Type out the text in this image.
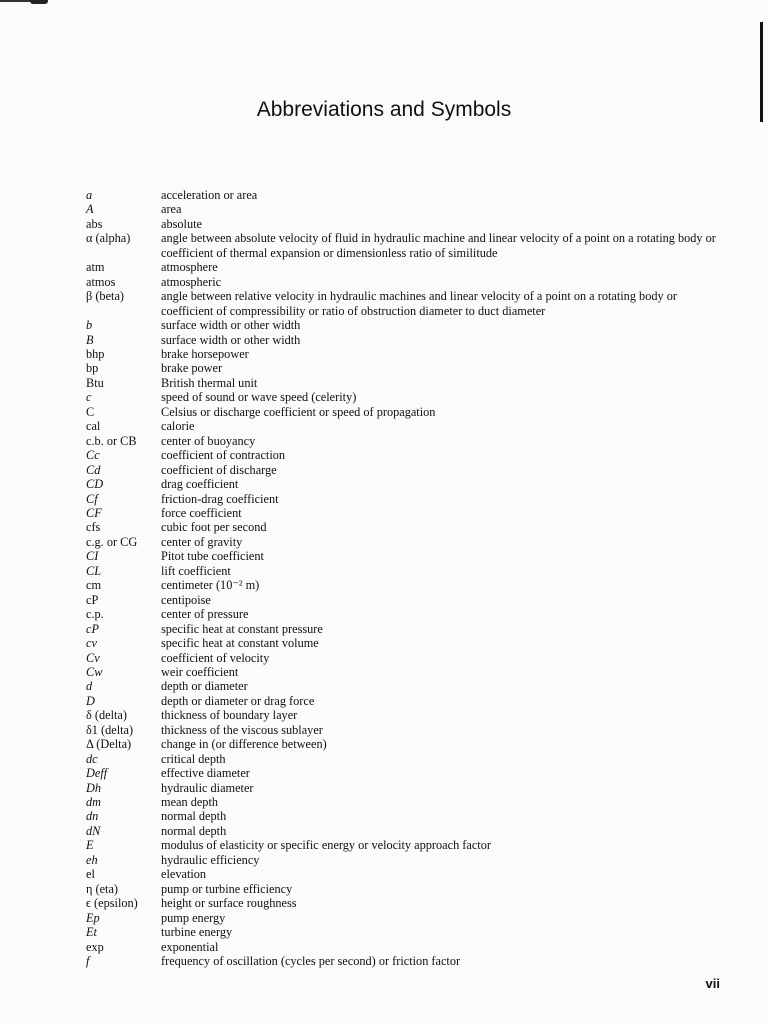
Abbreviations and Symbols
a	acceleration or area
A	area
abs	absolute
α (alpha)	angle between absolute velocity of fluid in hydraulic machine and linear velocity of a point on a rotating body or coefficient of thermal expansion or dimensionless ratio of similitude
atm	atmosphere
atmos	atmospheric
β (beta)	angle between relative velocity in hydraulic machines and linear velocity of a point on a rotating body or coefficient of compressibility or ratio of obstruction diameter to duct diameter
b	surface width or other width
B	surface width or other width
bhp	brake horsepower
bp	brake power
Btu	British thermal unit
c	speed of sound or wave speed (celerity)
C	Celsius or discharge coefficient or speed of propagation
cal	calorie
c.b. or CB	center of buoyancy
Cc	coefficient of contraction
Cd	coefficient of discharge
CD	drag coefficient
Cf	friction-drag coefficient
CF	force coefficient
cfs	cubic foot per second
c.g. or CG	center of gravity
CI	Pitot tube coefficient
CL	lift coefficient
cm	centimeter (10⁻² m)
cP	centipoise
c.p.	center of pressure
cP	specific heat at constant pressure
cv	specific heat at constant volume
Cv	coefficient of velocity
Cw	weir coefficient
d	depth or diameter
D	depth or diameter or drag force
δ (delta)	thickness of boundary layer
δ1 (delta)	thickness of the viscous sublayer
Δ (Delta)	change in (or difference between)
dc	critical depth
Deff	effective diameter
Dh	hydraulic diameter
dm	mean depth
dn	normal depth
dN	normal depth
E	modulus of elasticity or specific energy or velocity approach factor
eh	hydraulic efficiency
el	elevation
η (eta)	pump or turbine efficiency
ϵ (epsilon)	height or surface roughness
Ep	pump energy
Et	turbine energy
exp	exponential
f	frequency of oscillation (cycles per second) or friction factor
vii
